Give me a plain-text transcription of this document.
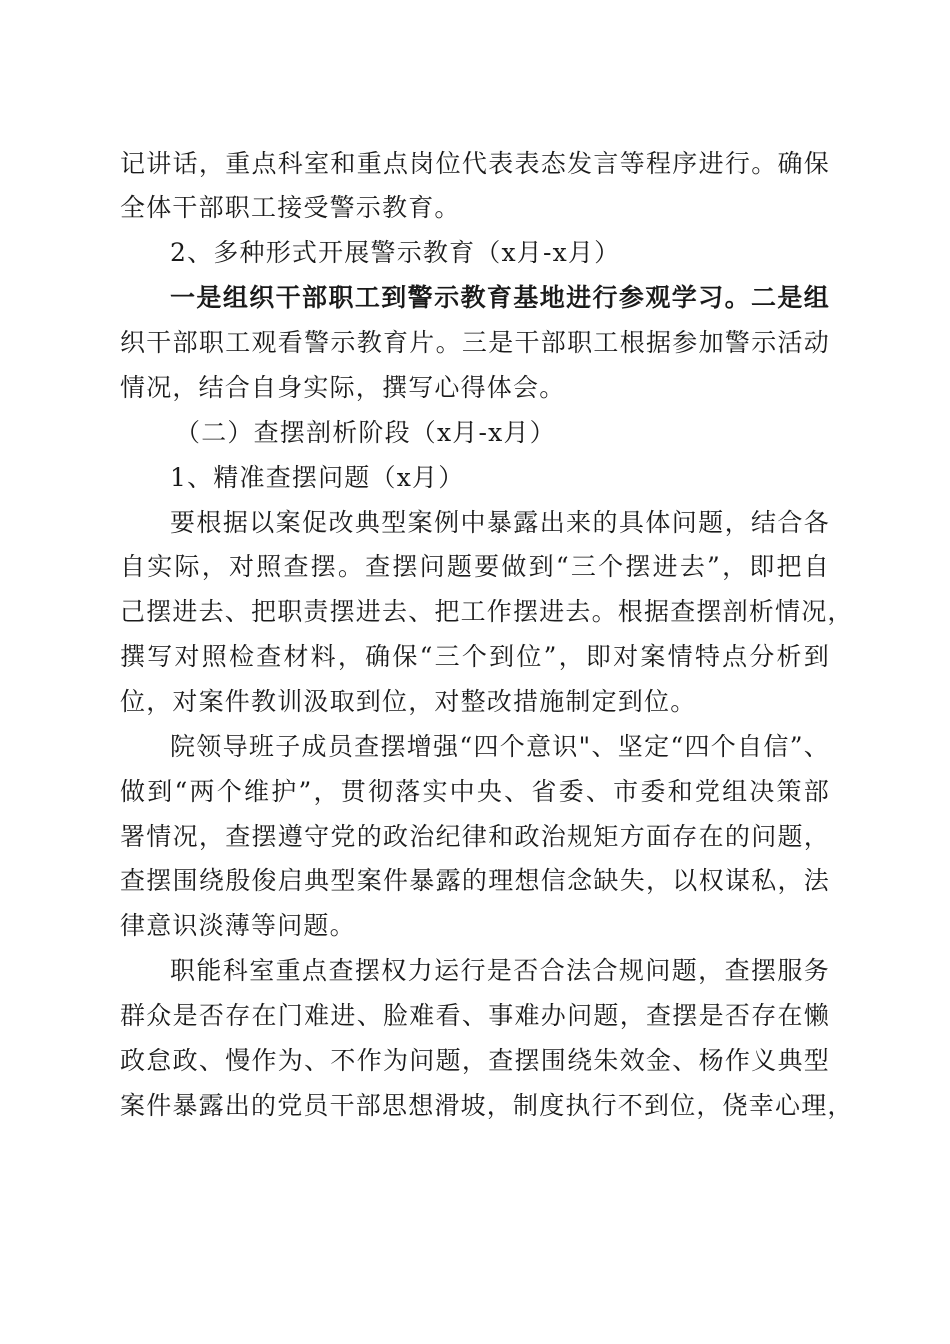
记讲话，重点科室和重点岗位代表表态发言等程序进行。确保
全体干部职工接受警示教育。
2、多种形式开展警示教育（x月-x月）
一是组织干部职工到警示教育基地进行参观学习。二是组
织干部职工观看警示教育片。三是干部职工根据参加警示活动
情况，结合自身实际，撰写心得体会。
（二）查摆剖析阶段（x月-x月）
1、精准查摆问题（x月）
要根据以案促改典型案例中暴露出来的具体问题，结合各
自实际，对照查摆。查摆问题要做到“三个摆进去”，即把自
己摆进去、把职责摆进去、把工作摆进去。根据查摆剖析情况，
撰写对照检查材料，确保“三个到位”，即对案情特点分析到
位，对案件教训汲取到位，对整改措施制定到位。
院领导班子成员查摆增强“四个意识"、坚定“四个自信”、
做到“两个维护”，贯彻落实中央、省委、市委和党组决策部
署情况，查摆遵守党的政治纪律和政治规矩方面存在的问题，
查摆围绕殷俊启典型案件暴露的理想信念缺失，以权谋私，法
律意识淡薄等问题。
职能科室重点查摆权力运行是否合法合规问题，查摆服务
群众是否存在门难进、脸难看、事难办问题，查摆是否存在懒
政怠政、慢作为、不作为问题，查摆围绕朱效金、杨作义典型
案件暴露出的党员干部思想滑坡，制度执行不到位，侥幸心理，
